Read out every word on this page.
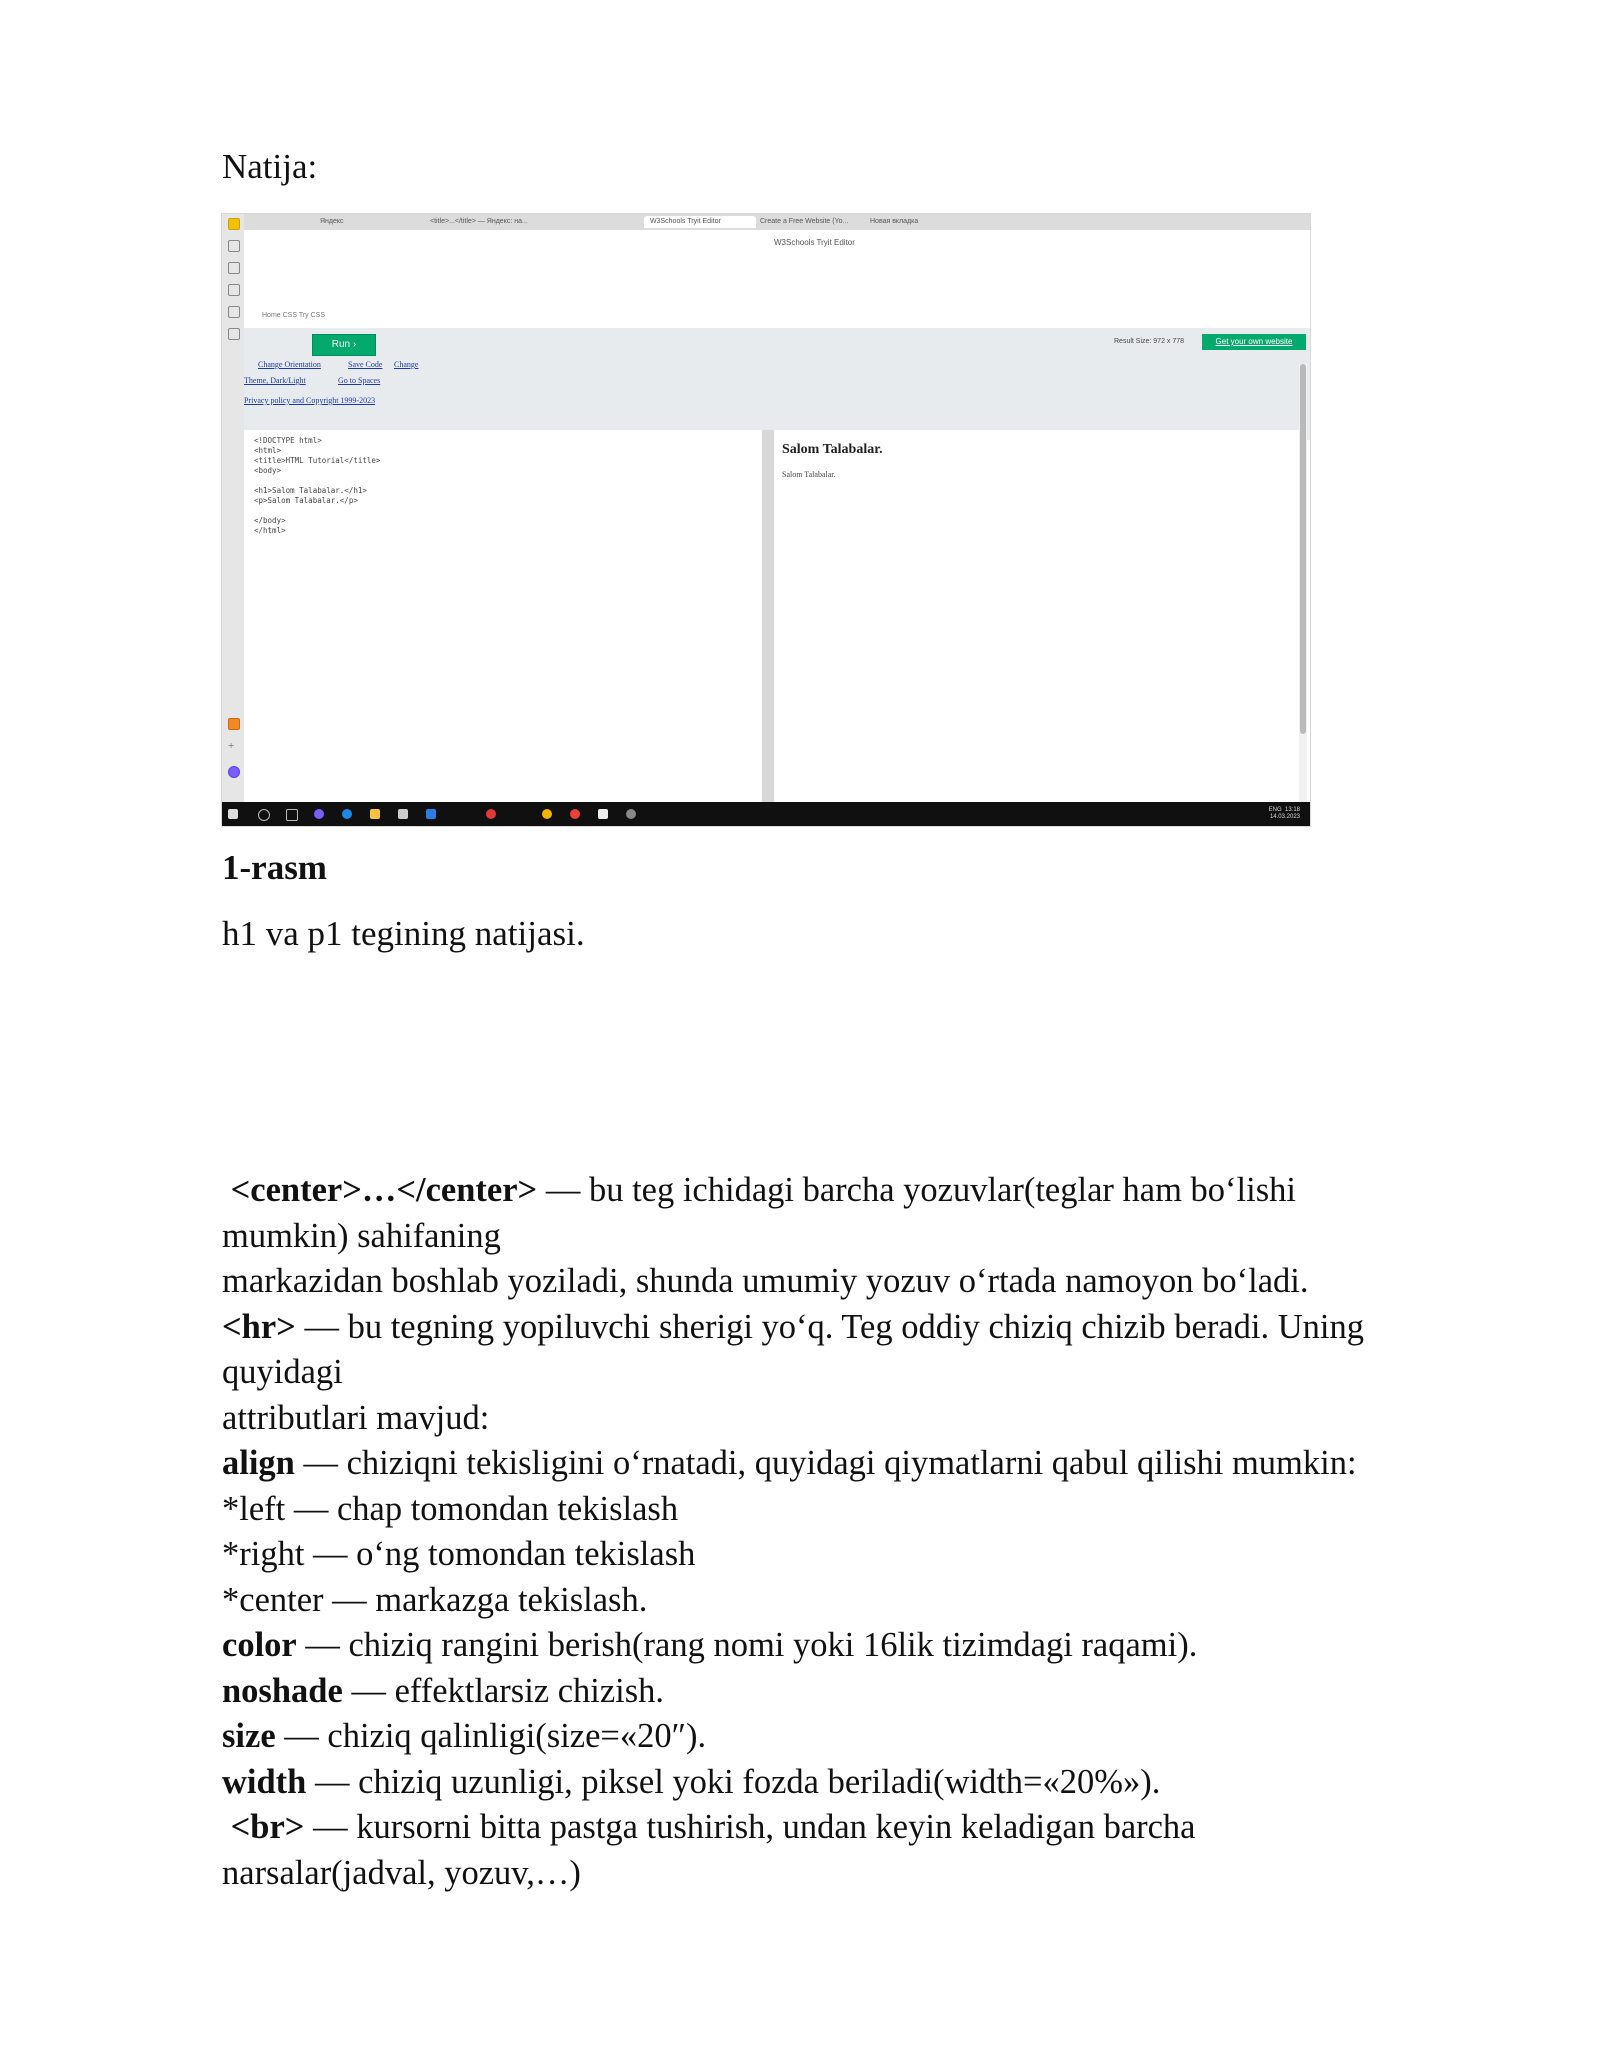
Natija:
+
Яндекс	<title>...</title> — Яндекс: на...	W3Schools Tryit Editor	Create a Free Website (Yo...	Новая вкладка
W3Schools Tryit Editor
Home CSS Try CSS
Run ›	Result Size: 972 x 778	Get your own website
Change Orientation	Save Code Change
Theme, Dark/Light	Go to Spaces
Privacy policy and Copyright 1999-2023
<!DOCTYPE html>
<html>
<title>HTML Tutorial</title>
<body>

<h1>Salom Talabalar.</h1>
<p>Salom Talabalar.</p>

</body>
</html>
Salom Talabalar.
Salom Talabalar.
ENG 13:18
14.03.2023
1-rasm
h1 va p1 tegining natijasi.

<center>…</center> — bu teg ichidagi barcha yozuvlar(teglar ham bo‘lishi

mumkin) sahifaning

markazidan boshlab yoziladi, shunda umumiy yozuv o‘rtada namoyon bo‘ladi.

<hr> — bu tegning yopiluvchi sherigi yo‘q. Teg oddiy chiziq chizib beradi. Uning

quyidagi

attributlari mavjud:

align — chiziqni tekisligini o‘rnatadi, quyidagi qiymatlarni qabul qilishi mumkin:

*left — chap tomondan tekislash

*right — o‘ng tomondan tekislash

*center — markazga tekislash.

color — chiziq rangini berish(rang nomi yoki 16lik tizimdagi raqami).

noshade — effektlarsiz chizish.

size — chiziq qalinligi(size=«20″).

width — chiziq uzunligi, piksel yoki fozda beriladi(width=«20%»).

<br> — kursorni bitta pastga tushirish, undan keyin keladigan barcha

narsalar(jadval, yozuv,…)
